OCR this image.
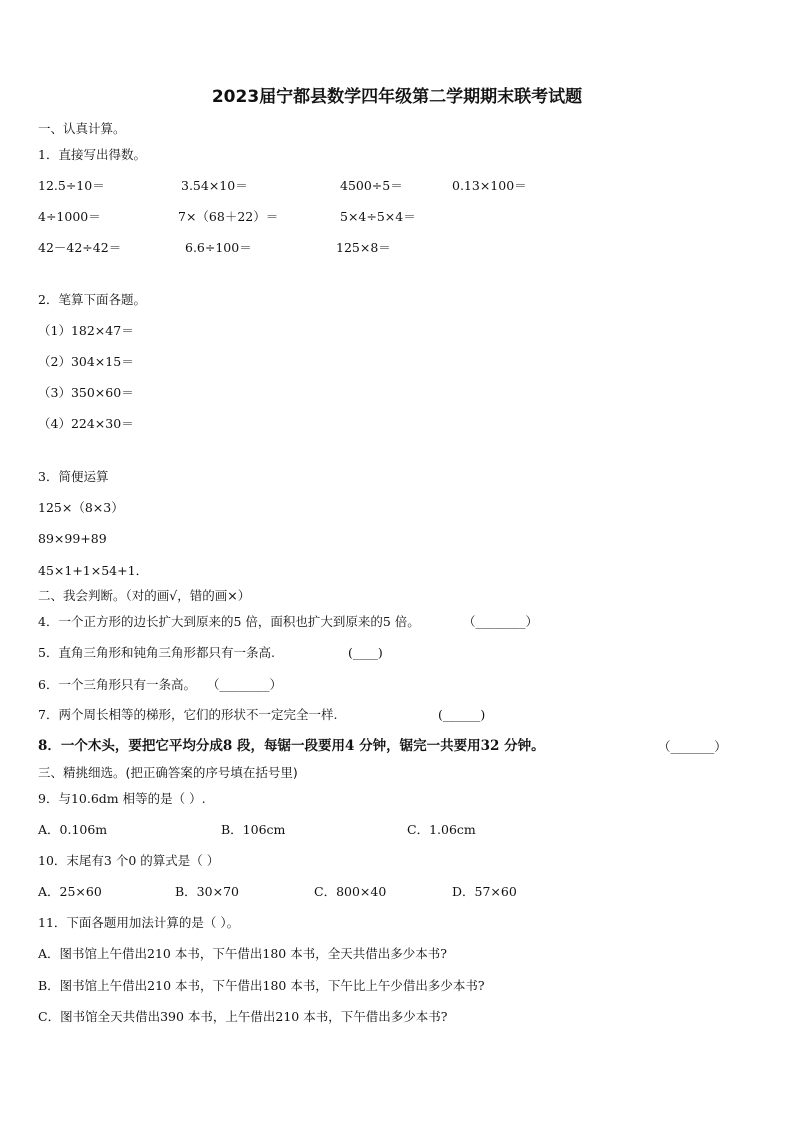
2023届宁都县数学四年级第二学期期末联考试题
一、认真计算。
1．直接写出得数。
12.5÷10＝	3.54×10＝	4500÷5＝	0.13×100＝
4÷1000＝	7×（68＋22）＝	5×4÷5×4＝
42－42÷42＝	6.6÷100＝	125×8＝
2．笔算下面各题。
（1）182×47＝
（2）304×15＝
（3）350×60＝
（4）224×30＝
3．简便运算
125×（8×3）
89×99+89
45×1+1×54+1．
二、我会判断。（对的画√，错的画×）
4．一个正方形的边长扩大到原来的5 倍，面积也扩大到原来的5 倍。	（________）
5．直角三角形和钝角三角形都只有一条高.	(____)
6．一个三角形只有一条高。 （________）
7．两个周长相等的梯形，它们的形状不一定完全一样.	(______)
8．一个木头，要把它平均分成8 段，每锯一段要用4 分钟，锯完一共要用32 分钟。	（_______）
三、精挑细选。(把正确答案的序号填在括号里)
9．与10.6dm 相等的是（ ）.
A．0.106m	B．106cm	C．1.06cm
10．末尾有3 个0 的算式是（ ）
A．25×60	B．30×70	C．800×40	D．57×60
11．下面各题用加法计算的是（ ）。
A．图书馆上午借出210 本书，下午借出180 本书，全天共借出多少本书?
B．图书馆上午借出210 本书，下午借出180 本书，下午比上午少借出多少本书?
C．图书馆全天共借出390 本书，上午借出210 本书，下午借出多少本书?
